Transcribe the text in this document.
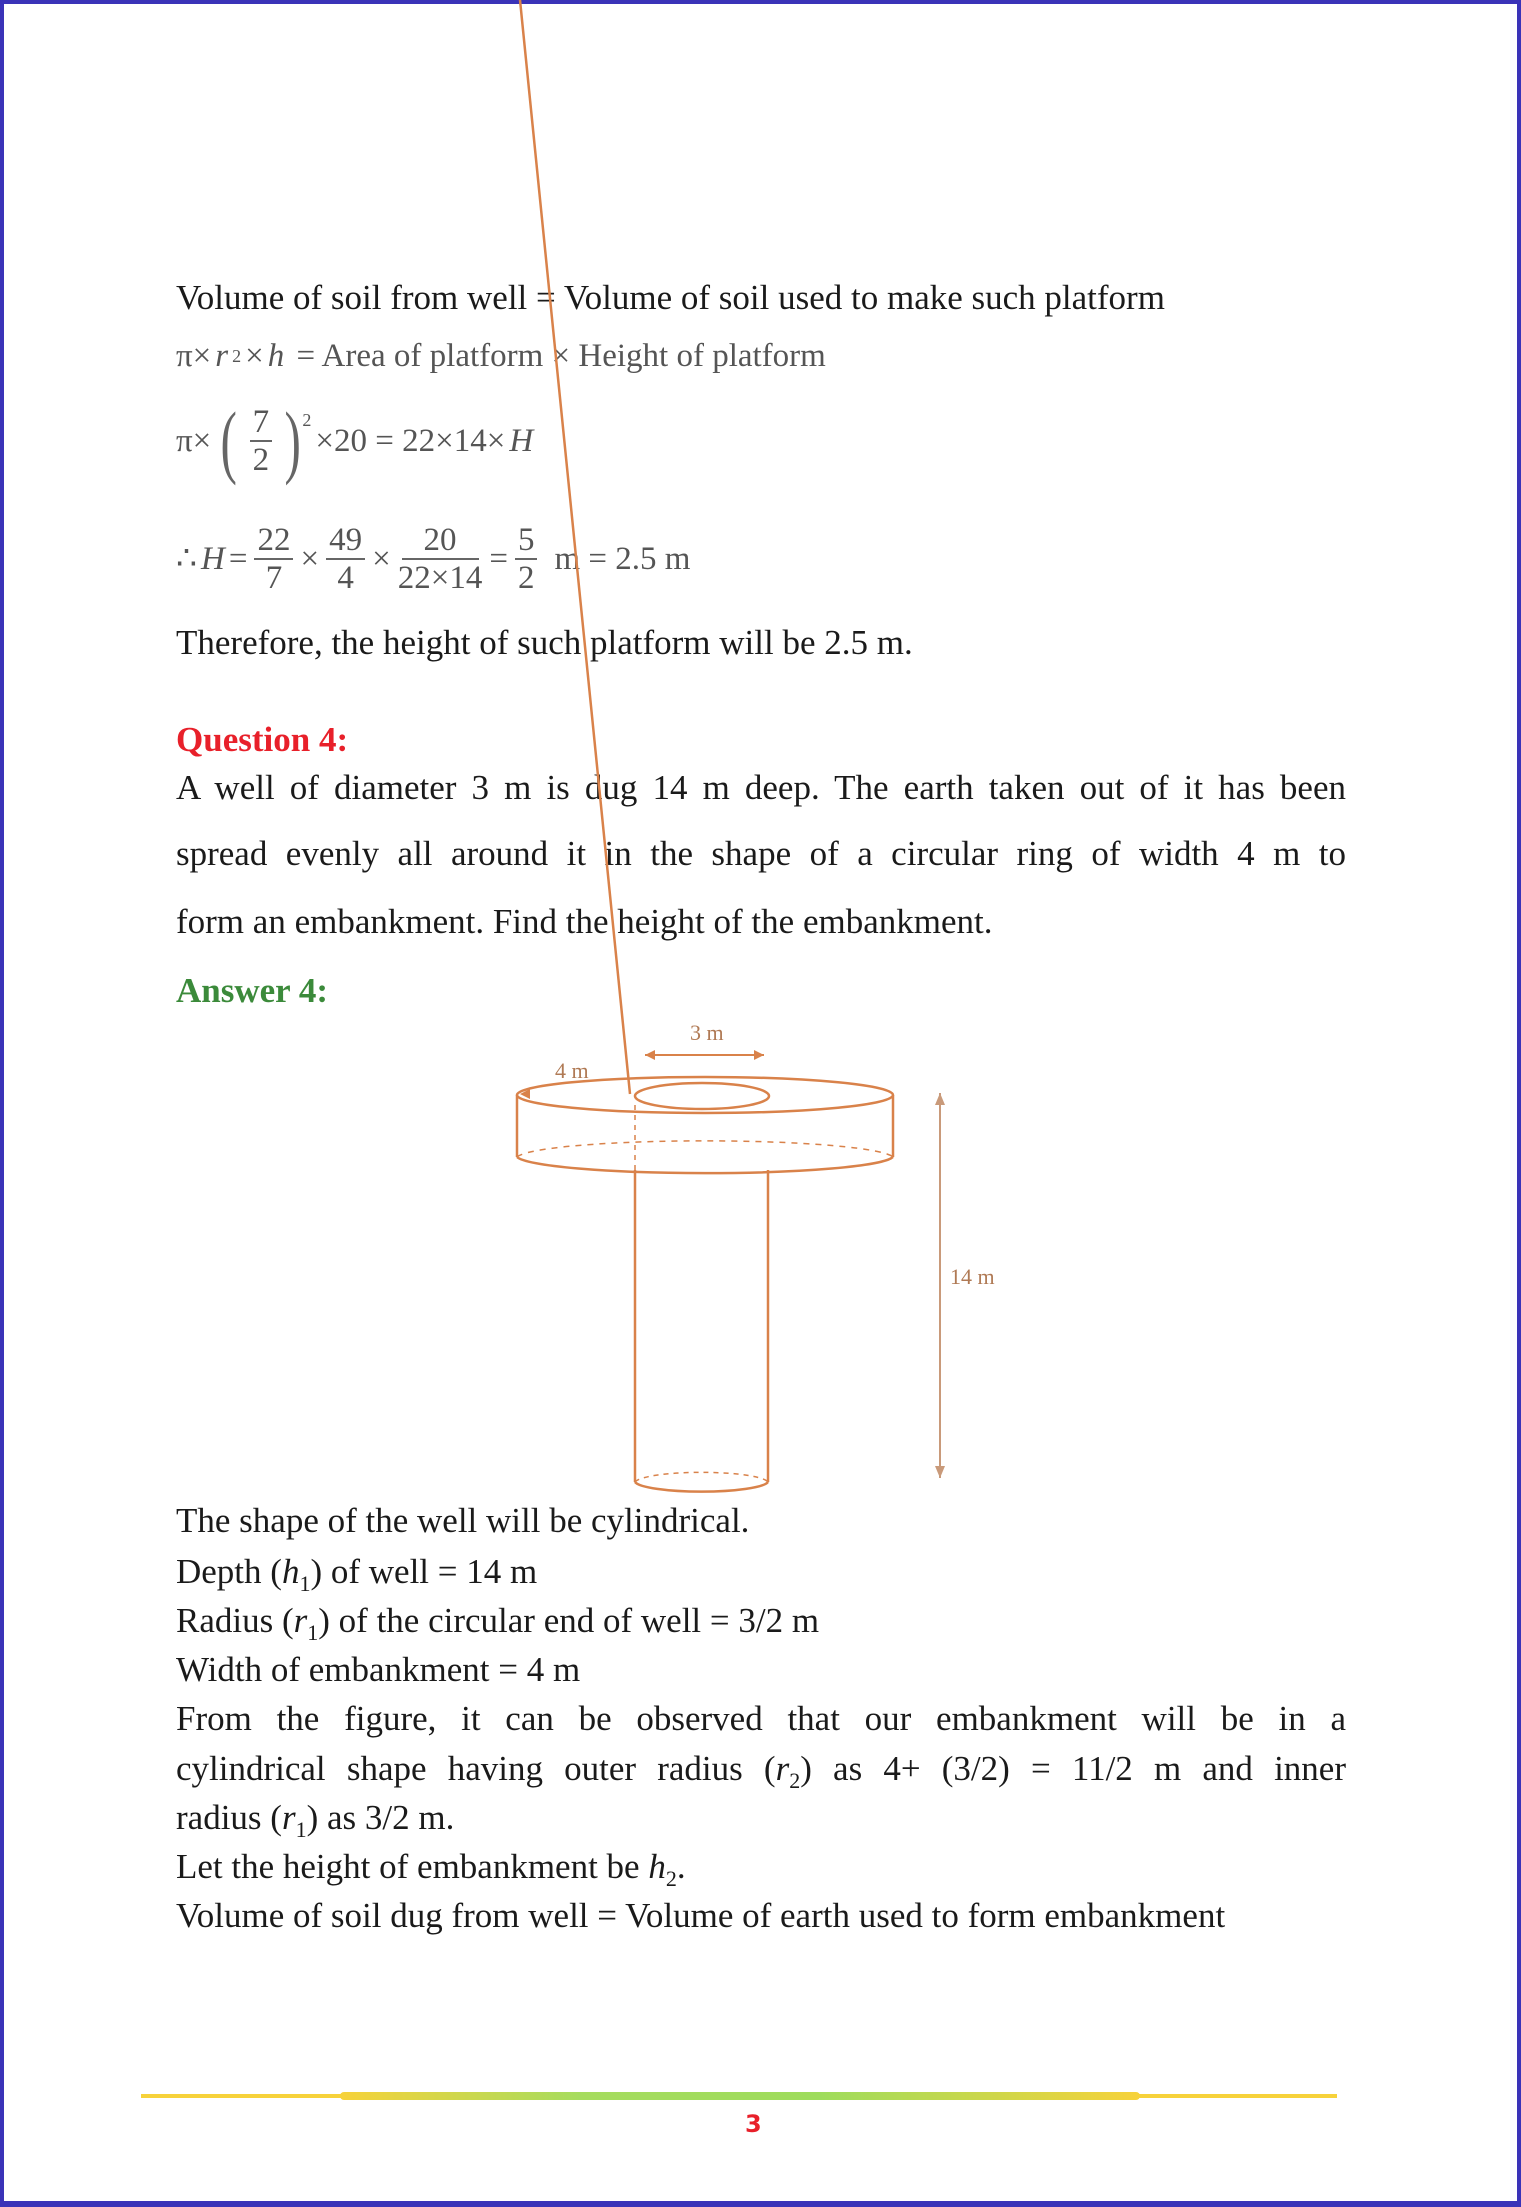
Volume of soil from well = Volume of soil used to make such platform
π× r 2 × h = Area of platform × Height of platform
π× ( $\frac{7}{2} )^2$
×20 = 22×14× H
∴ $H = \frac{22}{7} \times \frac{49}{4} \times \frac{20}{22\times 14} = \frac{5}{2}$ m = 2.5 m
Therefore, the height of such platform will be 2.5 m.
Question 4:
A well of diameter 3 m is dug 14 m deep. The earth taken out of it has been
spread evenly all around it in the shape of a circular ring of width 4 m to
form an embankment. Find the height of the embankment.
Answer 4:
3 m
4 m
14 m
The shape of the well will be cylindrical.
Depth $(h_1)$ of well = 14 m
Radius $(r_1)$ of the circular end of well = 3/2 m
Width of embankment = 4 m
From the figure, it can be observed that our embankment will be in a
cylindrical shape having outer radius $(r_2)$ as 4+ (3/2) = 11/2 m and inner
radius $(r_1)$ as 3/2 m.
Let the height of embankment be $h_2$.
Volume of soil dug from well = Volume of earth used to form embankment
3
